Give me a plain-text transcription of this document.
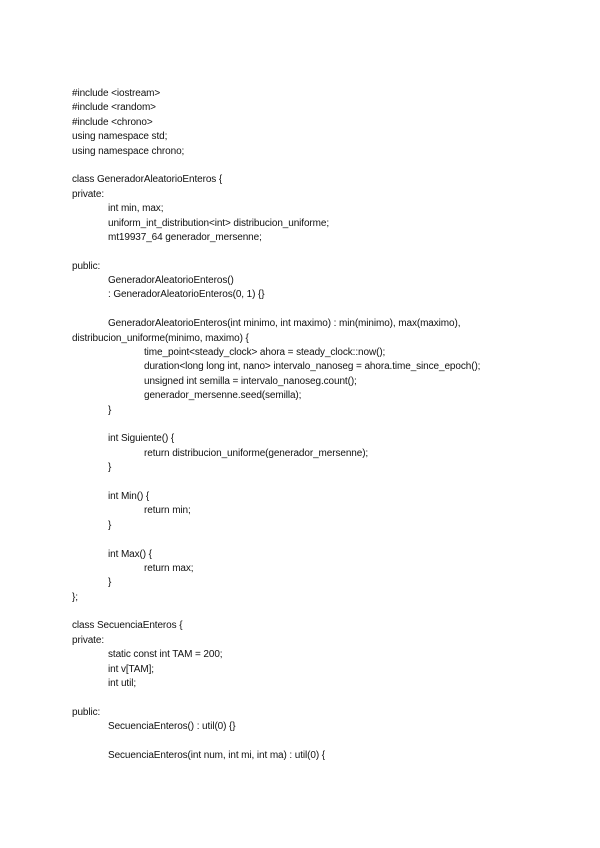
#include <iostream>
#include <random>
#include <chrono>
using namespace std;
using namespace chrono;
class GeneradorAleatorioEnteros {
private:
int min, max;
uniform_int_distribution<int> distribucion_uniforme;
mt19937_64 generador_mersenne;
public:
GeneradorAleatorioEnteros()
: GeneradorAleatorioEnteros(0, 1) {}
GeneradorAleatorioEnteros(int minimo, int maximo) : min(minimo), max(maximo),
distribucion_uniforme(minimo, maximo) {
time_point<steady_clock> ahora = steady_clock::now();
duration<long long int, nano> intervalo_nanoseg = ahora.time_since_epoch();
unsigned int semilla = intervalo_nanoseg.count();
generador_mersenne.seed(semilla);
}
int Siguiente() {
return distribucion_uniforme(generador_mersenne);
}
int Min() {
return min;
}
int Max() {
return max;
}
};
class SecuenciaEnteros {
private:
static const int TAM = 200;
int v[TAM];
int util;
public:
SecuenciaEnteros() : util(0) {}
SecuenciaEnteros(int num, int mi, int ma) : util(0) {
